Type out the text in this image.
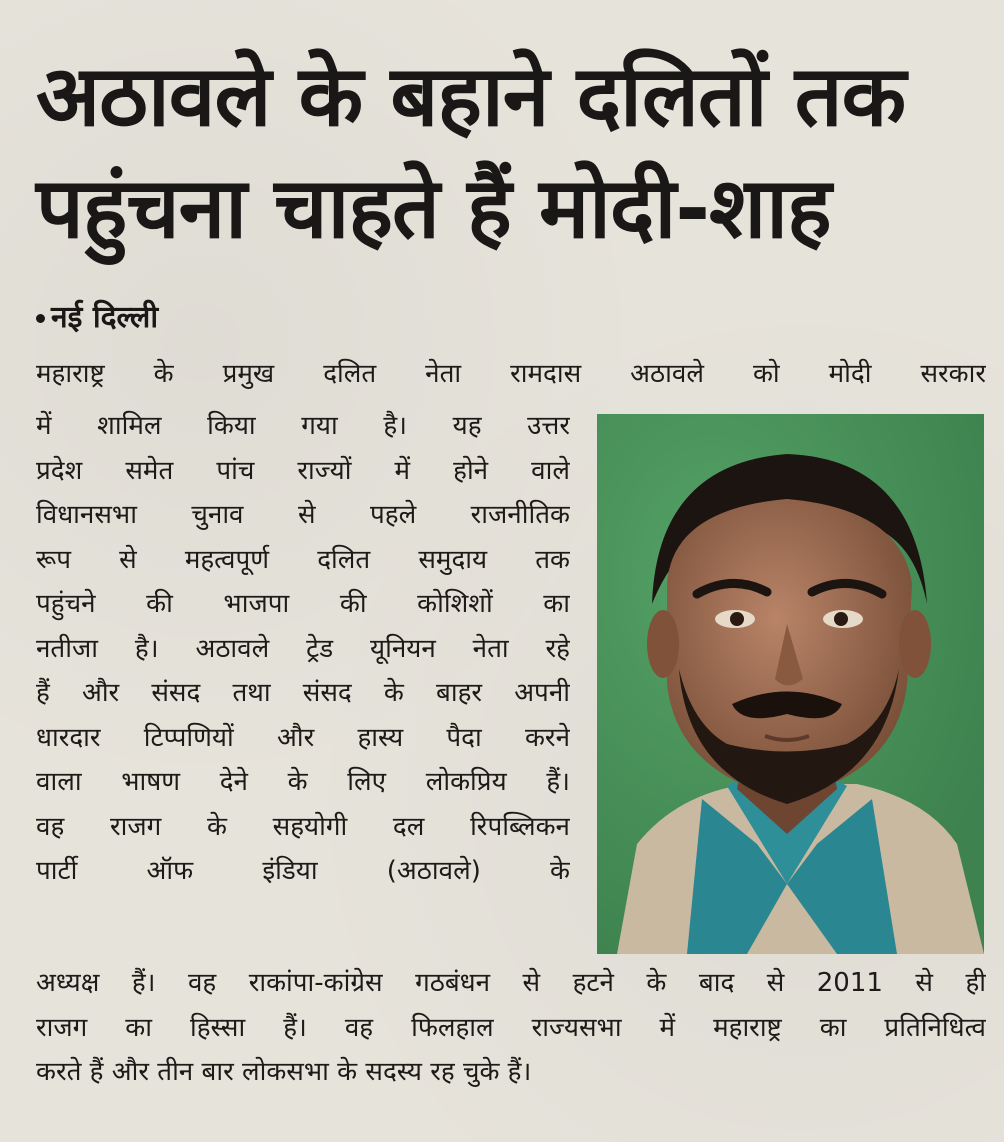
अठावले के बहाने दलितों तक
पहुंचना चाहते हैं मोदी-शाह
नई दिल्ली
महाराष्ट्र के प्रमुख दलित नेता रामदास अठावले को मोदी सरकार
में शामिल किया गया है। यह उत्तर
प्रदेश समेत पांच राज्यों में होने वाले
विधानसभा चुनाव से पहले राजनीतिक
रूप से महत्वपूर्ण दलित समुदाय तक
पहुंचने की भाजपा की कोशिशों का
नतीजा है। अठावले ट्रेड यूनियन नेता रहे
हैं और संसद तथा संसद के बाहर अपनी
धारदार टिप्पणियों और हास्य पैदा करने
वाला भाषण देने के लिए लोकप्रिय हैं।
वह राजग के सहयोगी दल रिपब्लिकन
पार्टी ऑफ इंडिया (अठावले) के
अध्यक्ष हैं। वह राकांपा-कांग्रेस गठबंधन से हटने के बाद से 2011 से ही
राजग का हिस्सा हैं। वह फिलहाल राज्यसभा में महाराष्ट्र का प्रतिनिधित्व
करते हैं और तीन बार लोकसभा के सदस्य रह चुके हैं।
